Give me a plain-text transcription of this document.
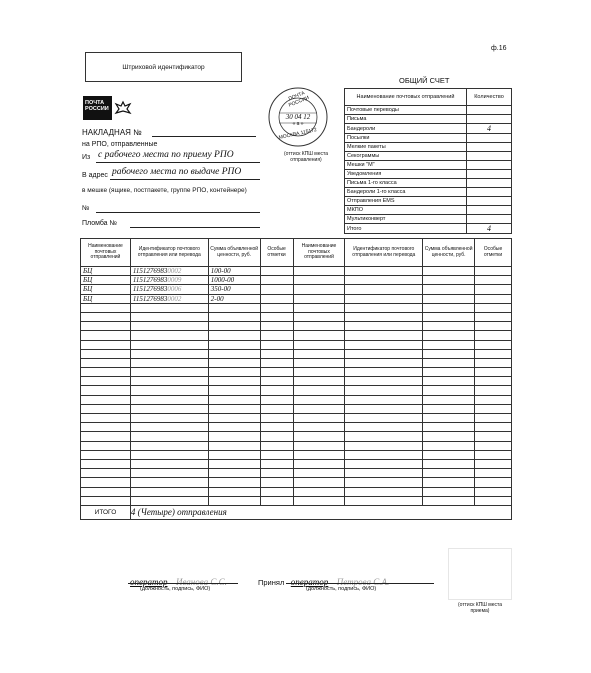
ф.16
Штриховой идентификатор
ПОЧТА РОССИИ
ПОЧТА РОССИИ
30 04 12
« a »
МОСКВА 115172
(оттиск КПШ места отправления)
НАКЛАДНАЯ №
на РПО, отправленные
Из с рабочего места по приему РПО
В адрес рабочего места по выдаче РПО
в мешке (ящике, постпакете, группе РПО, контейнере)
№
Пломба №
ОБЩИЙ СЧЕТ
Наименование почтовых отправлений	Количество
Почтовые переводы	
Письма	
Бандероли	4
Посылки	
Мелкие пакеты	
Секограммы	
Мешки "М"	
Уведомления	
Письма 1-го класса	
Бандероли 1-го класса	
Отправления EMS	
МКПО	
Мультиконверт	
Итого	4
Наименование почтовых отправлений	Идентификатор почтового отправления или перевода	Сумма объявленной ценности, руб.	Особые отметки	Наименование почтовых отправлений	Идентификатор почтового отправления или перевода	Сумма объявленной ценности, руб.	Особые отметки
БЦ	11512769830002	100-00					
БЦ	11512769830009	1000-00					
БЦ	11512769830006	350-00					
БЦ	11512769830002	2-00					

ИТОГО	4 (Четыре) отправления						
оператор Иванова С.С.
(должность, подпись, ФИО)
Принял оператор Петрова С.А.
(должность, подпись, ФИО)
(оттиск КПШ места приема)
